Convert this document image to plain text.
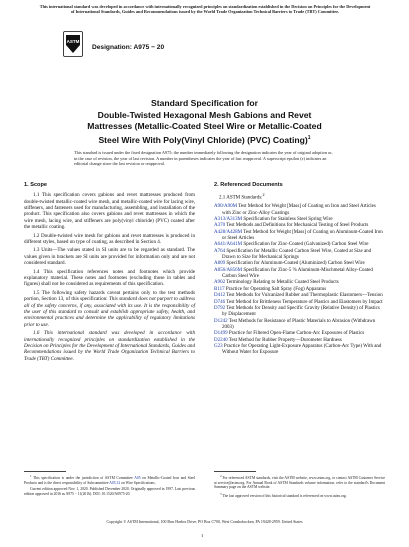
This international standard was developed in accordance with internationally recognized principles on standardization established in the Decision on Principles for the Development of International Standards, Guides and Recommendations issued by the World Trade Organization Technical Barriers to Trade (TBT) Committee.
ASTM
Designation: A975 − 20
Standard Specification for
Double-Twisted Hexagonal Mesh Gabions and Revet
Mattresses (Metallic-Coated Steel Wire or Metallic-Coated
Steel Wire With Poly(Vinyl Chloride) (PVC) Coating)$^1$
This standard is issued under the fixed designation A975; the number immediately following the designation indicates the year of original adoption or, in the case of revision, the year of last revision. A number in parentheses indicates the year of last reapproval. A superscript epsilon (ε) indicates an editorial change since the last revision or reapproval.
1. Scope

1.1 This specification covers gabions and revet mattresses produced from double-twisted metallic-coated wire mesh, and metallic-coated wire for lacing wire, stiffeners, and fasteners used for manufacturing, assembling, and installation of the product. This specification also covers gabions and revet mattresses in which the wire mesh, lacing wire, and stiffeners are poly(vinyl chloride) (PVC) coated after the metallic coating.

1.2 Double-twisted wire mesh for gabions and revet mattresses is produced in different styles, based on type of coating, as described in Section 4.

1.3 Units—The values stated in SI units are to be regarded as standard. The values given in brackets are SI units are provided for information only and are not considered standard.

1.4 This specification references notes and footnotes which provide explanatory material. These notes and footnotes (excluding those in tables and figures) shall not be considered as requirements of this specification.

1.5 The following safety hazards caveat pertains only to the test methods portion, Section 13, of this specification: This standard does not purport to address all of the safety concerns, if any, associated with its use. It is the responsibility of the user of this standard to consult and establish appropriate safety, health, and environmental practices and determine the applicability of regulatory limitations prior to use.

1.6 This international standard was developed in accordance with internationally recognized principles on standardization established in the Decision on Principles for the Development of International Standards, Guides and Recommendations issued by the World Trade Organization Technical Barriers to Trade (TBT) Committee.

2. Referenced Documents
2.1 ASTM Standards:$^2$

A90/A90M Test Method for Weight [Mass] of Coating on Iron and Steel Articles with Zinc or Zinc-Alloy Coatings

A313/A313M Specification for Stainless Steel Spring Wire

A370 Test Methods and Definitions for Mechanical Testing of Steel Products

A428/A428M Test Method for Weight [Mass] of Coating on Aluminum-Coated Iron or Steel Articles

A641/A641M Specification for Zinc-Coated (Galvanized) Carbon Steel Wire

A764 Specification for Metallic Coated Carbon Steel Wire, Coated at Size and Drawn to Size for Mechanical Springs

A809 Specification for Aluminum-Coated (Aluminized) Carbon Steel Wire

A856/A856M Specification for Zinc-5 % Aluminum-Mischmetal Alloy-Coated Carbon Steel Wire

A902 Terminology Relating to Metallic Coated Steel Products

B117 Practice for Operating Salt Spray (Fog) Apparatus

D412 Test Methods for Vulcanized Rubber and Thermoplastic Elastomers—Tension

D746 Test Method for Brittleness Temperature of Plastics and Elastomers by Impact

D792 Test Methods for Density and Specific Gravity (Relative Density) of Plastics by Displacement

D1242 Test Methods for Resistance of Plastic Materials to Abrasion (Withdrawn 2003)

D1499 Practice for Filtered Open-Flame Carbon-Arc Exposures of Plastics

D2240 Test Method for Rubber Property—Durometer Hardness

G23 Practice for Operating Light-Exposure Apparatus (Carbon-Arc Type) With and Without Water for Exposure

$^1$ This specification is under the jurisdiction of ASTM Committee A05 on Metallic-Coated Iron and Steel Products and is the direct responsibility of Subcommittee A05.12 on Wire Specifications.

Current edition approved Nov. 1, 2020. Published December 2020. Originally approved in 1997. Last previous edition approved in 2016 as A975 − 11(2016). DOI: 10.1520/A0975-20.

$^2$ For referenced ASTM standards, visit the ASTM website, www.astm.org, or contact ASTM Customer Service at service@astm.org. For Annual Book of ASTM Standards volume information, refer to the standard's Document Summary page on the ASTM website.

$^3$ The last approved version of this historical standard is referenced on www.astm.org.

Copyright © ASTM International, 100 Barr Harbor Drive, PO Box C700, West Conshohocken, PA 19428-2959. United States
1
